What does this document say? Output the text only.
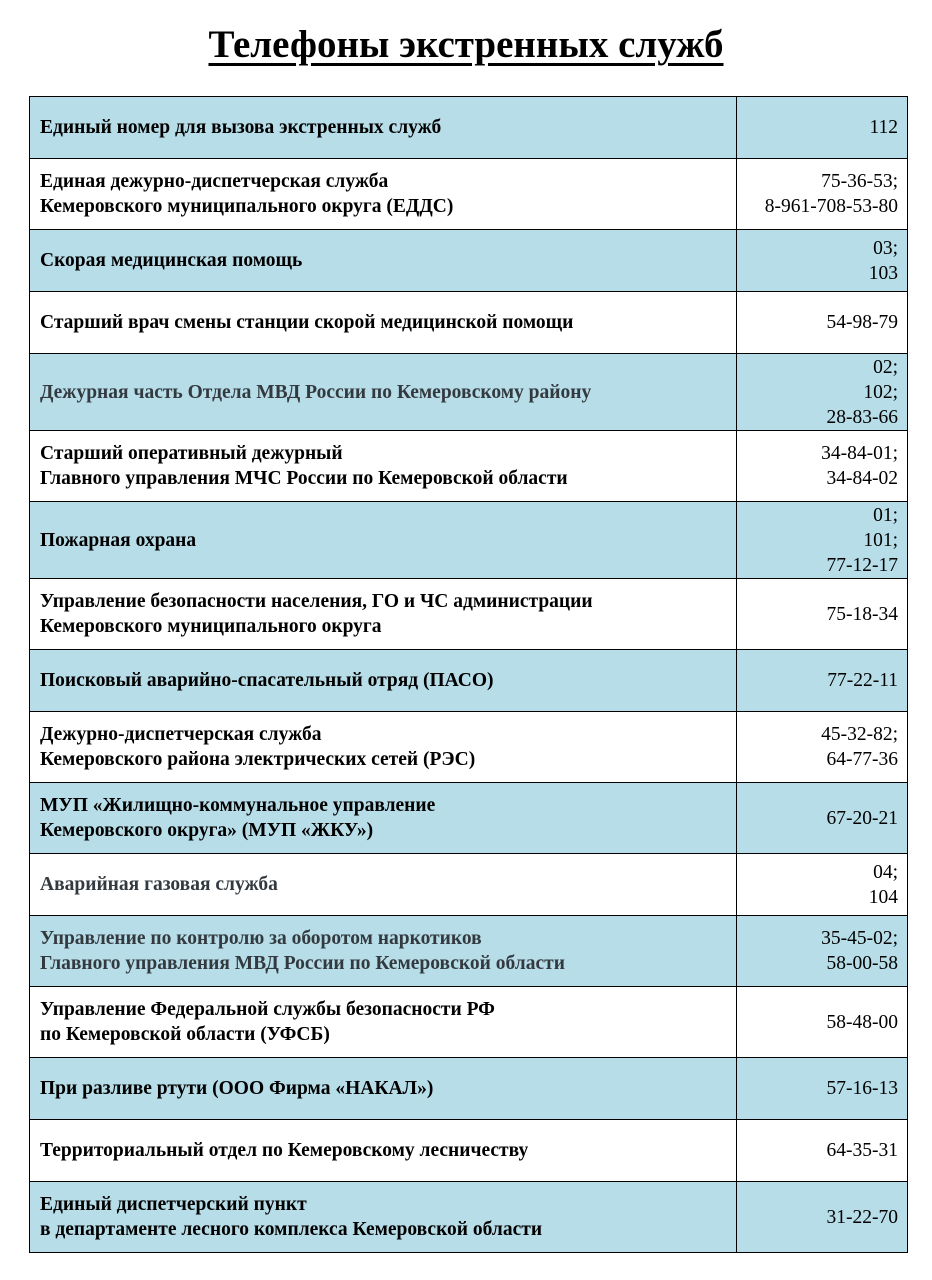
Телефоны экстренных служб
Единый номер для вызова экстренных служб	112

Единая дежурно-диспетчерская служба
Кемеровского муниципального округа (ЕДДС)	75-36-53;
8-961-708-53-80

Скорая медицинская помощь	03;
103

Старший врач смены станции скорой медицинской помощи	54-98-79

Дежурная часть Отдела МВД России по Кемеровскому району	02;
102;
28-83-66

Старший оперативный дежурный
Главного управления МЧС России по Кемеровской области	34-84-01;
34-84-02

Пожарная охрана	01;
101;
77-12-17

Управление безопасности населения, ГО и ЧС администрации
Кемеровского муниципального округа	75-18-34

Поисковый аварийно-спасательный отряд (ПАСО)	77-22-11

Дежурно-диспетчерская служба
Кемеровского района электрических сетей (РЭС)	45-32-82;
64-77-36

МУП «Жилищно-коммунальное управление
Кемеровского округа» (МУП «ЖКУ»)	67-20-21

Аварийная газовая служба	04;
104

Управление по контролю за оборотом наркотиков
Главного управления МВД России по Кемеровской области	35-45-02;
58-00-58

Управление Федеральной службы безопасности РФ
по Кемеровской области (УФСБ)	58-48-00

При разливе ртути (ООО Фирма «НАКАЛ»)	57-16-13

Территориальный отдел по Кемеровскому лесничеству	64-35-31

Единый диспетчерский пункт
в департаменте лесного комплекса Кемеровской области	31-22-70
